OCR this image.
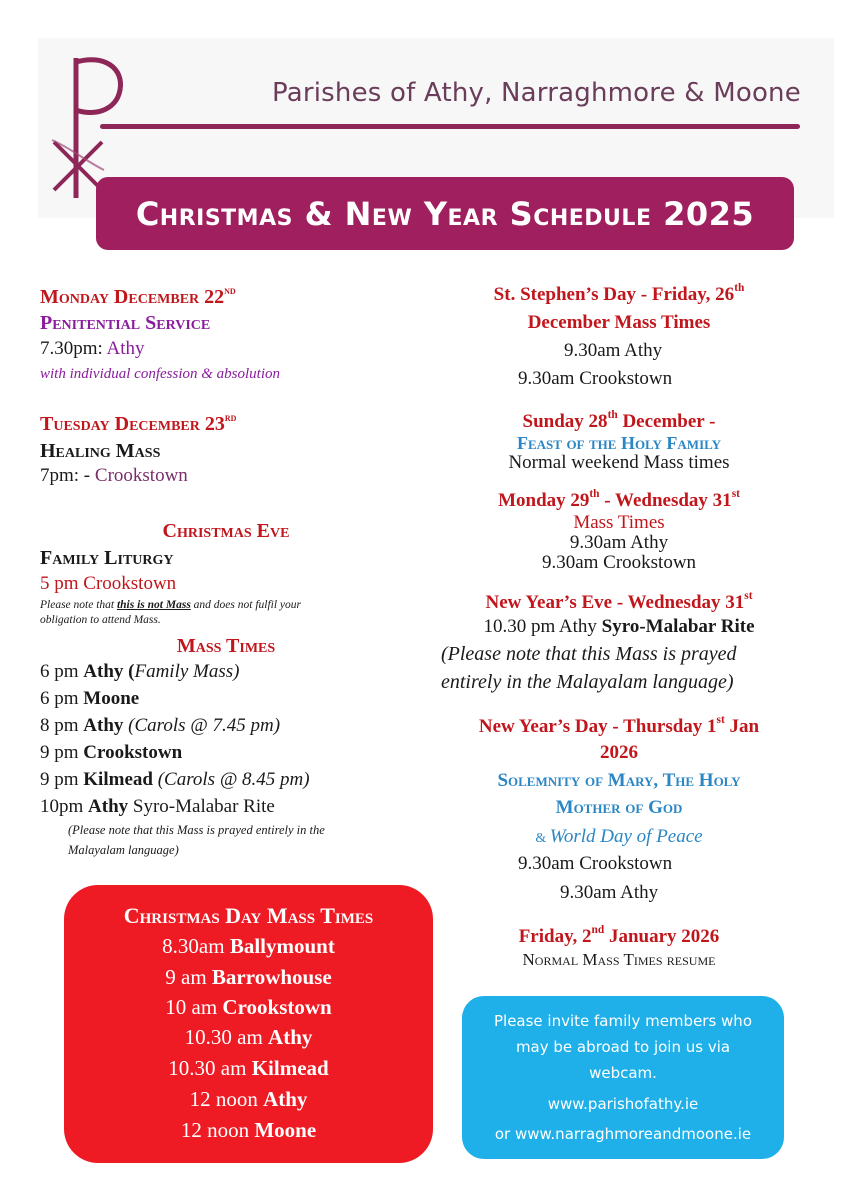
Parishes of Athy, Narraghmore & Moone
Christmas & New Year Schedule 2025
Monday December 22nd
Penitential Service
7.30pm: Athy
with individual confession & absolution
Tuesday December 23rd
Healing Mass
7pm: - Crookstown
Christmas Eve
Family Liturgy
5 pm Crookstown
Please note that this is not Mass and does not fulfil your
obligation to attend Mass.
Mass Times
6 pm Athy (Family Mass)
6 pm Moone
8 pm Athy (Carols @ 7.45 pm)
9 pm Crookstown
9 pm Kilmead (Carols @ 8.45 pm)
10pm Athy Syro-Malabar Rite
(Please note that this Mass is prayed entirely in the
Malayalam language)
Christmas Day Mass Times
8.30am Ballymount
9 am Barrowhouse
10 am Crookstown
10.30 am Athy
10.30 am Kilmead
12 noon Athy
12 noon Moone
St. Stephen’s Day - Friday, 26th
December Mass Times
9.30am Athy
9.30am Crookstown
Sunday 28th December -
Feast of the Holy Family
Normal weekend Mass times
Monday 29th - Wednesday 31st
Mass Times
9.30am Athy
9.30am Crookstown
New Year’s Eve - Wednesday 31st
10.30 pm Athy Syro-Malabar Rite
(Please note that this Mass is prayed
entirely in the Malayalam language)
New Year’s Day - Thursday 1st Jan
2026
Solemnity of Mary, The Holy
Mother of God
& World Day of Peace
9.30am Crookstown
9.30am Athy
Friday, 2nd January 2026
Normal Mass Times resume
Please invite family members who
may be abroad to join us via
webcam.
www.parishofathy.ie
or www.narraghmoreandmoone.ie
